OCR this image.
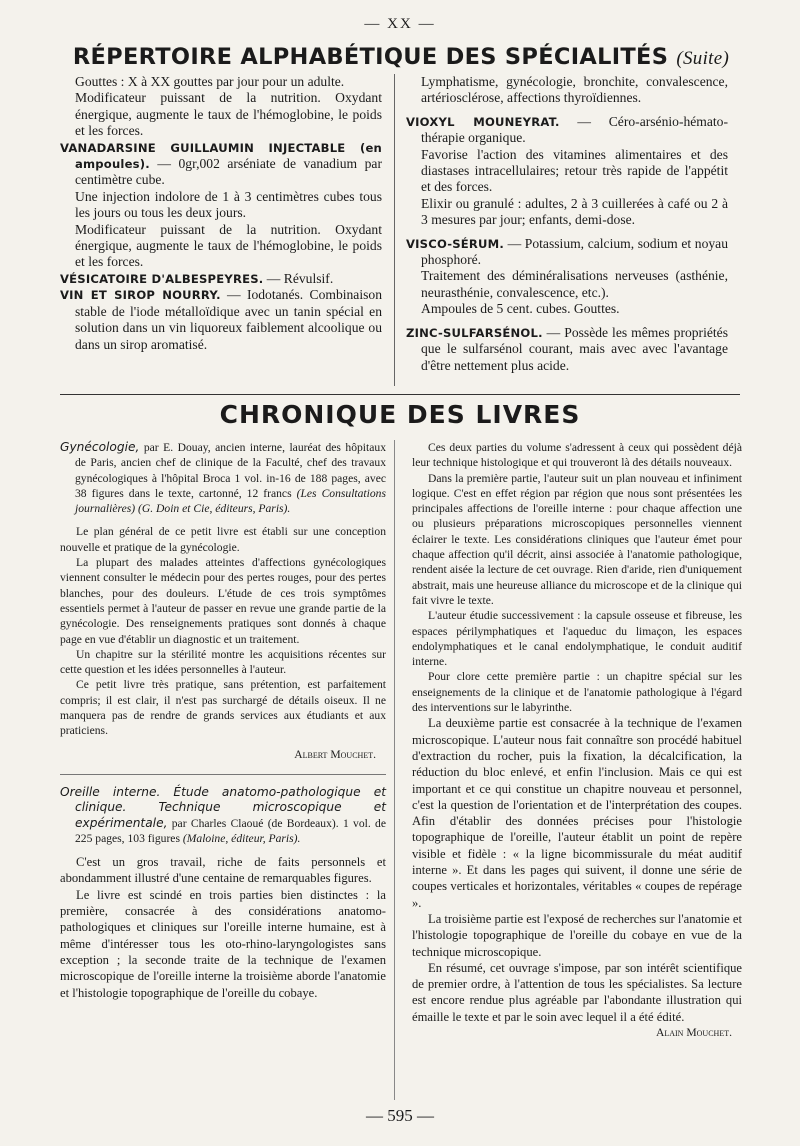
— XX —
RÉPERTOIRE ALPHABÉTIQUE DES SPÉCIALITÉS (Suite)

Gouttes : X à XX gouttes par jour pour un adulte.

Modificateur puissant de la nutrition. Oxydant énergique, augmente le taux de l'hémoglobine, le poids et les forces.

VANADARSINE GUILLAUMIN INJECTABLE (en ampoules). — 0gr,002 arséniate de vanadium par centimètre cube.

Une injection indolore de 1 à 3 centimètres cubes tous les jours ou tous les deux jours.

Modificateur puissant de la nutrition. Oxydant énergique, augmente le taux de l'hémoglobine, le poids et les forces.

VÉSICATOIRE D'ALBESPEYRES. — Révulsif.

VIN ET SIROP NOURRY. — Iodotanés. Combinaison stable de l'iode métalloïdique avec un tanin spécial en solution dans un vin liquoreux faiblement alcoolique ou dans un sirop aromatisé.

Lymphatisme, gynécologie, bronchite, convalescence, artériosclérose, affections thyroïdiennes.

VIOXYL MOUNEYRAT. — Céro-arsénio-hémato-thérapie organique.

Favorise l'action des vitamines alimentaires et des diastases intracellulaires; retour très rapide de l'appétit et des forces.

Elixir ou granulé : adultes, 2 à 3 cuillerées à café ou 2 à 3 mesures par jour; enfants, demi-dose.

VISCO-SÉRUM. — Potassium, calcium, sodium et noyau phosphoré.

Traitement des déminéralisations nerveuses (asthénie, neurasthénie, convalescence, etc.).

Ampoules de 5 cent. cubes. Gouttes.

ZINC-SULFARSÉNOL. — Possède les mêmes propriétés que le sulfarsénol courant, mais avec avec l'avantage d'être nettement plus acide.

CHRONIQUE DES LIVRES

Gynécologie, par E. Douay, ancien interne, lauréat des hôpitaux de Paris, ancien chef de clinique de la Faculté, chef des travaux gynécologiques à l'hôpital Broca 1 vol. in-16 de 188 pages, avec 38 figures dans le texte, cartonné, 12 francs (Les Consultations journalières) (G. Doin et Cie, éditeurs, Paris).

Le plan général de ce petit livre est établi sur une conception nouvelle et pratique de la gynécologie.

La plupart des malades atteintes d'affections gynécologiques viennent consulter le médecin pour des pertes rouges, pour des pertes blanches, pour des douleurs. L'étude de ces trois symptômes essentiels permet à l'auteur de passer en revue une grande partie de la gynécologie. Des renseignements pratiques sont donnés à chaque page en vue d'établir un diagnostic et un traitement.

Un chapitre sur la stérilité montre les acquisitions récentes sur cette question et les idées personnelles à l'auteur.

Ce petit livre très pratique, sans prétention, est parfaitement compris; il est clair, il n'est pas surchargé de détails oiseux. Il ne manquera pas de rendre de grands services aux étudiants et aux praticiens.

Albert Mouchet.

Oreille interne. Étude anatomo-pathologique et clinique. Technique microscopique et expérimentale, par Charles Claoué (de Bordeaux). 1 vol. de 225 pages, 103 figures (Maloine, éditeur, Paris).

C'est un gros travail, riche de faits personnels et abondamment illustré d'une centaine de remarquables figures.

Le livre est scindé en trois parties bien distinctes : la première, consacrée à des considérations anatomo-pathologiques et cliniques sur l'oreille interne humaine, est à même d'intéresser tous les oto-rhino-laryngologistes sans exception ; la seconde traite de la technique de l'examen microscopique de l'oreille interne la troisième aborde l'anatomie et l'histologie topographique de l'oreille du cobaye.

Ces deux parties du volume s'adressent à ceux qui possèdent déjà leur technique histologique et qui trouveront là des détails nouveaux.

Dans la première partie, l'auteur suit un plan nouveau et infiniment logique. C'est en effet région par région que nous sont présentées les principales affections de l'oreille interne : pour chaque affection une ou plusieurs préparations microscopiques personnelles viennent éclairer le texte. Les considérations cliniques que l'auteur émet pour chaque affection qu'il décrit, ainsi associée à l'anatomie pathologique, rendent aisée la lecture de cet ouvrage. Rien d'aride, rien d'uniquement abstrait, mais une heureuse alliance du microscope et de la clinique qui fait vivre le texte.

L'auteur étudie successivement : la capsule osseuse et fibreuse, les espaces périlymphatiques et l'aqueduc du limaçon, les espaces endolymphatiques et le canal endolymphatique, le conduit auditif interne.

Pour clore cette première partie : un chapitre spécial sur les enseignements de la clinique et de l'anatomie pathologique à l'égard des interventions sur le labyrinthe.

La deuxième partie est consacrée à la technique de l'examen microscopique. L'auteur nous fait connaître son procédé habituel d'extraction du rocher, puis la fixation, la décalcification, la réduction du bloc enlevé, et enfin l'inclusion. Mais ce qui est important et ce qui constitue un chapitre nouveau et personnel, c'est la question de l'orientation et de l'interprétation des coupes. Afin d'établir des données précises pour l'histologie topographique de l'oreille, l'auteur établit un point de repère visible et fidèle : « la ligne bicommissurale du méat auditif interne ». Et dans les pages qui suivent, il donne une série de coupes verticales et horizontales, véritables « coupes de repérage ».

La troisième partie est l'exposé de recherches sur l'anatomie et l'histologie topographique de l'oreille du cobaye en vue de la technique microscopique.

En résumé, cet ouvrage s'impose, par son intérêt scientifique de premier ordre, à l'attention de tous les spécialistes. Sa lecture est encore rendue plus agréable par l'abondante illustration qui émaille le texte et par le soin avec lequel il a été édité.

Alain Mouchet.

— 595 —
